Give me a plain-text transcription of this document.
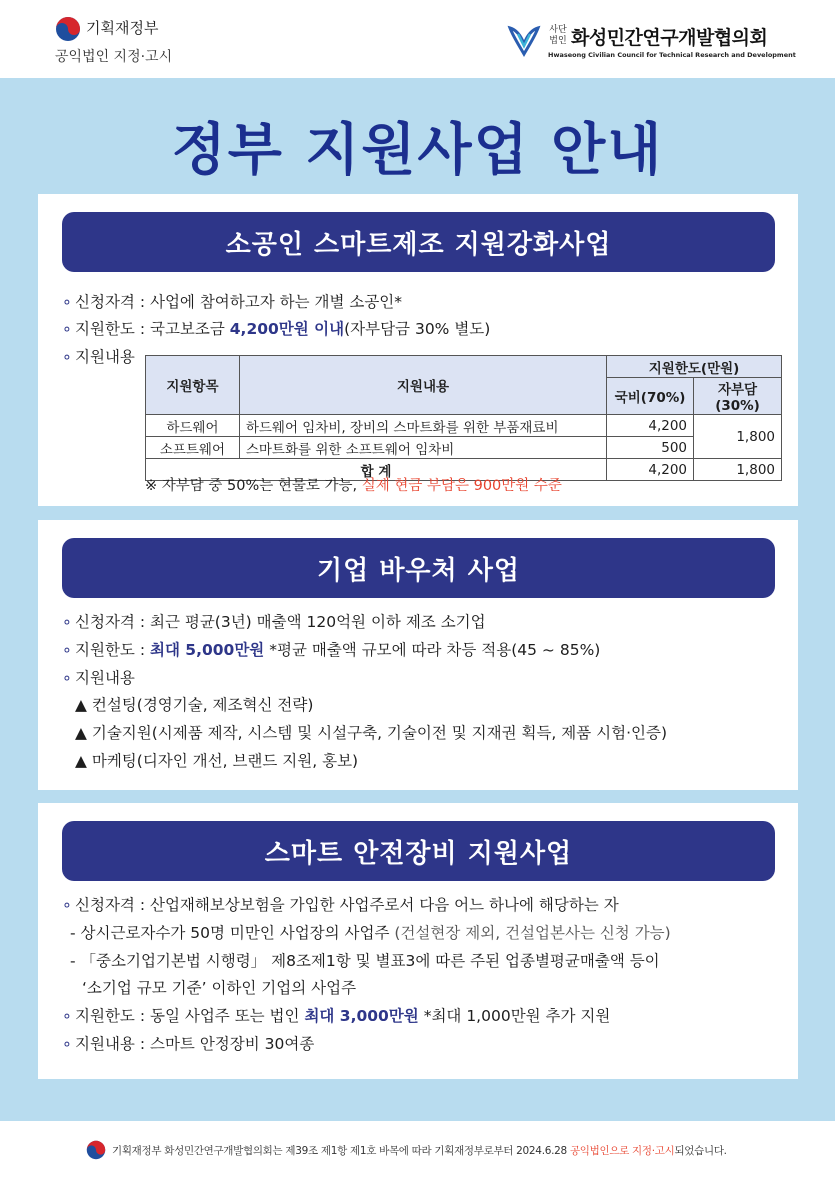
기획재정부
공익법인 지정·고시
사단
법인 화성민간연구개발협의회
Hwaseong Civilian Council for Technical Research and Development
정부 지원사업 안내
소공인 스마트제조 지원강화사업
∘ 신청자격 : 사업에 참여하고자 하는 개별 소공인*
∘ 지원한도 : 국고보조금 4,200만원 이내(자부담금 30% 별도)
∘ 지원내용
지원항목	지원내용	지원한도(만원)	
		국비(70%)	자부담(30%)
하드웨어	하드웨어 임차비, 장비의 스마트화를 위한 부품재료비	4,200	1,800
소프트웨어	스마트화를 위한 소프트웨어 임차비	500	
합 계		4,200	1,800
※ 자부담 중 50%는 현물로 가능, 실제 현금 부담은 900만원 수준
기업 바우처 사업
∘ 신청자격 : 최근 평균(3년) 매출액 120억원 이하 제조 소기업
∘ 지원한도 : 최대 5,000만원 *평균 매출액 규모에 따라 차등 적용(45 ~ 85%)
∘ 지원내용
▲ 컨설팅(경영기술, 제조혁신 전략)
▲ 기술지원(시제품 제작, 시스템 및 시설구축, 기술이전 및 지재권 획득, 제품 시험·인증)
▲ 마케팅(디자인 개선, 브랜드 지원, 홍보)
스마트 안전장비 지원사업
∘ 신청자격 : 산업재해보상보험을 가입한 사업주로서 다음 어느 하나에 해당하는 자
- 상시근로자수가 50명 미만인 사업장의 사업주 (건설현장 제외, 건설업본사는 신청 가능)
- 「중소기업기본법 시행령」 제8조제1항 및 별표3에 따른 주된 업종별평균매출액 등이
‘소기업 규모 기준’ 이하인 기업의 사업주
∘ 지원한도 : 동일 사업주 또는 법인 최대 3,000만원 *최대 1,000만원 추가 지원
∘ 지원내용 : 스마트 안정장비 30여종
기획재정부 화성민간연구개발협의회는 제39조 제1항 제1호 바목에 따라 기획재정부로부터 2024.6.28 공익법인으로 지정·고시되었습니다.
